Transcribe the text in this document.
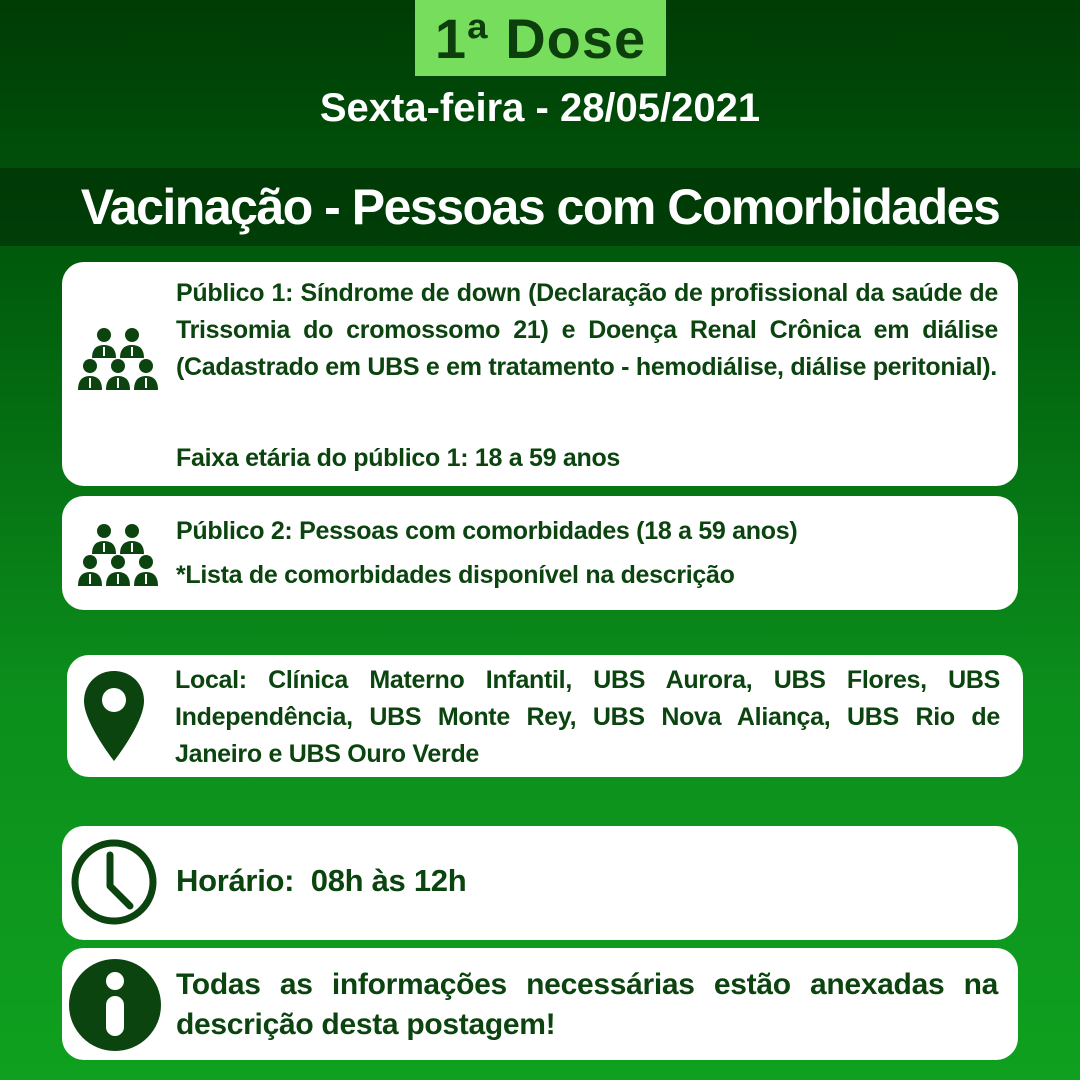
1ª Dose
Sexta-feira - 28/05/2021
Vacinação - Pessoas com Comorbidades
Público 1: Síndrome de down (Declaração de profissional da saúde de Trissomia do cromossomo 21) e Doença Renal Crônica em diálise (Cadastrado em UBS e em tratamento - hemodiálise, diálise peritonial).
Faixa etária do público 1: 18 a 59 anos
Público 2: Pessoas com comorbidades (18 a 59 anos)
*Lista de comorbidades disponível na descrição
Local: Clínica Materno Infantil, UBS Aurora, UBS Flores, UBS Independência, UBS Monte Rey, UBS Nova Aliança, UBS Rio de Janeiro e UBS Ouro Verde
Horário:  08h às 12h
Todas as informações necessárias estão anexadas na descrição desta postagem!
